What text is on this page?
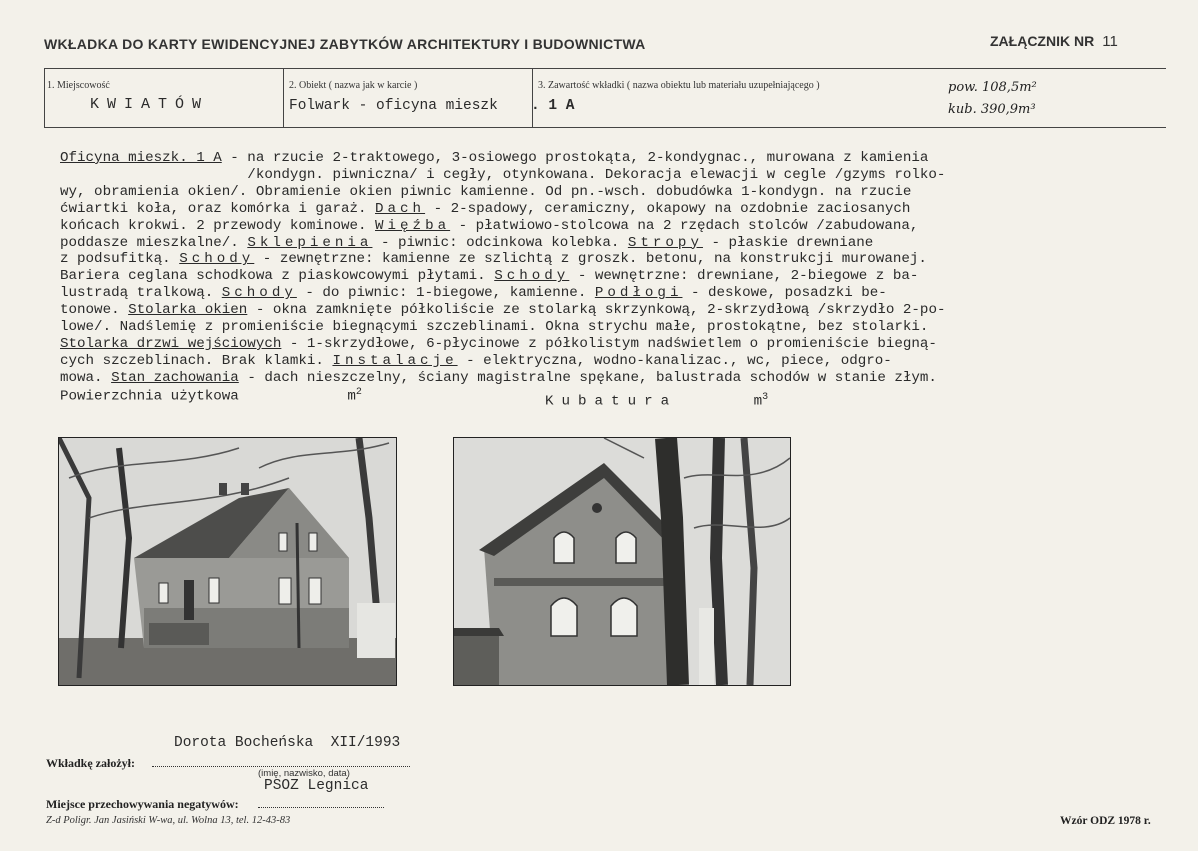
WKŁADKA DO KARTY EWIDENCYJNEJ ZABYTKÓW ARCHITEKTURY I BUDOWNICTWA	ZAŁĄCZNIK NR 11
1. Miejscowość
KWIATÓW
2. Obiekt ( nazwa jak w karcie )
Folwark - oficyna mieszk
3. Zawartość wkładki ( nazwa obiektu lub materiału uzupełniającego )
. 1 A
pow. 108,5m²
kub. 390,9m³
Oficyna mieszk. 1 A - na rzucie 2-traktowego, 3-osiowego prostokąta, 2-kondygnac., murowana z kamienia
/kondygn. piwniczna/ i cegły, otynkowana. Dekoracja elewacji w cegle /gzyms rolko-
wy, obramienia okien/. Obramienie okien piwnic kamienne. Od pn.-wsch. dobudówka 1-kondygn. na rzucie
ćwiartki koła, oraz komórka i garaż. Dach - 2-spadowy, ceramiczny, okapowy na ozdobnie zaciosanych
końcach krokwi. 2 przewody kominowe. Więźba - płatwiowo-stolcowa na 2 rzędach stolców /zabudowana,
poddasze mieszkalne/. Sklepienia - piwnic: odcinkowa kolebka. Stropy - płaskie drewniane
z podsufitką. Schody - zewnętrzne: kamienne ze szlichtą z groszk. betonu, na konstrukcji murowanej.
Bariera ceglana schodkowa z piaskowcowymi płytami. Schody - wewnętrzne: drewniane, 2-biegowe z ba-
lustradą tralkową. Schody - do piwnic: 1-biegowe, kamienne. Podłogi - deskowe, posadzki be-
tonowe. Stolarka okien - okna zamknięte półkoliście ze stolarką skrzynkową, 2-skrzydłową /skrzydło 2-po-
lowe/. Nadślemię z promieniście biegnącymi szczeblinami. Okna strychu małe, prostokątne, bez stolarki.
Stolarka drzwi wejściowych - 1-skrzydłowe, 6-płycinowe z półkolistym nadświetlem o promieniście biegną-
cych szczeblinach. Brak klamki. Instalacje - elektryczna, wodno-kanalizac., wc, piece, odgro-
mowa. Stan zachowania - dach nieszczelny, ściany magistralne spękane, balustrada schodów w stanie złym.
Powierzchnia użytkowa	$m^2$
Kubatura	$m^3$
Dorota Bocheńska  XII/1993
Wkładkę założył:
(imię, nazwisko, data)
PSOZ Legnica
Miejsce przechowywania negatywów:
Z-d Poligr. Jan Jasiński W-wa, ul. Wolna 13, tel. 12-43-83	Wzór ODZ 1978 r.
